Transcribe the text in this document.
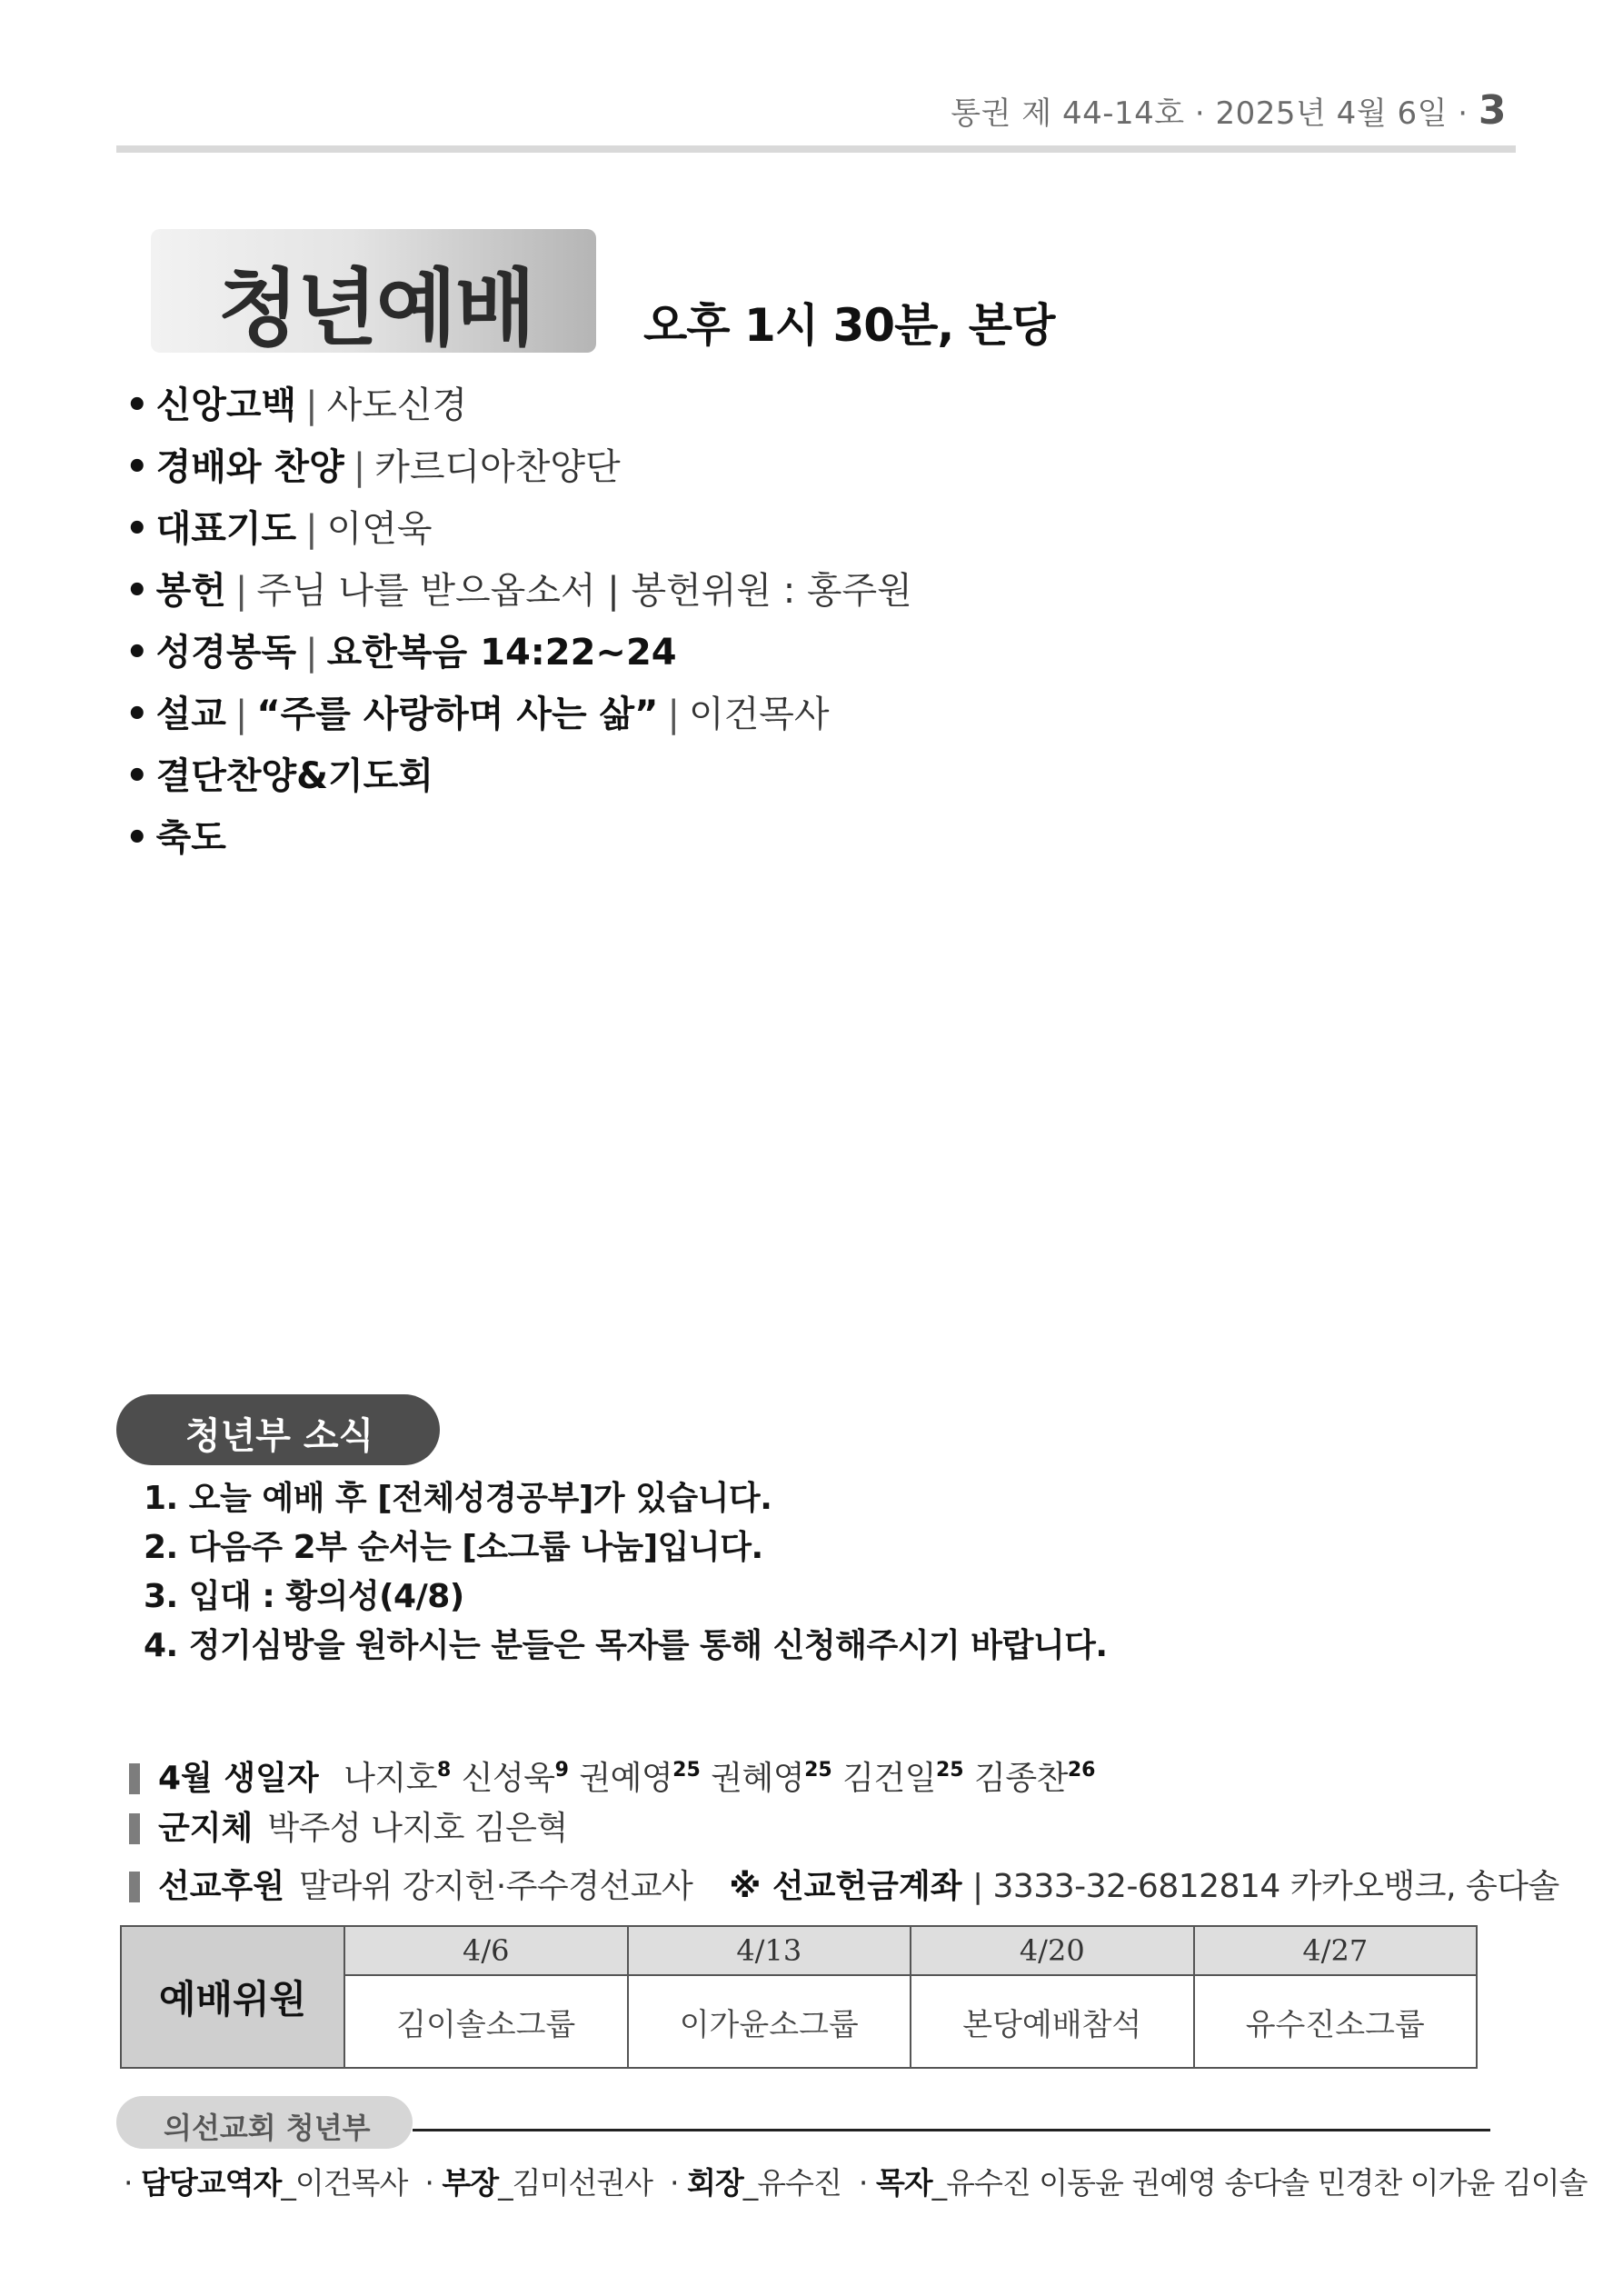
통권 제 44-14호 · 2025년 4월 6일 · 3
청년예배 오후 1시 30분, 본당
• 신앙고백 | 사도신경
• 경배와 찬양 | 카르디아찬양단
• 대표기도 | 이연욱
• 봉헌 | 주님 나를 받으옵소서 | 봉헌위원 : 홍주원
• 성경봉독 | 요한복음 14:22~24
• 설교 | “주를 사랑하며 사는 삶” | 이건목사
• 결단찬양&기도회
• 축도
청년부 소식
1. 오늘 예배 후 [전체성경공부]가 있습니다.
2. 다음주 2부 순서는 [소그룹 나눔]입니다.
3. 입대 : 황의성(4/8)
4. 정기심방을 원하시는 분들은 목자를 통해 신청해주시기 바랍니다.
4월 생일자 나지호$^8$ 신성욱$^9$ 권예영$^{25}$ 권혜영$^{25}$ 김건일$^{25}$ 김종찬$^{26}$
군지체 박주성 나지호 김은혁
선교후원 말라위 강지헌·주수경선교사 ※ 선교헌금계좌 | 3333-32-6812814 카카오뱅크, 송다솔
예배위원	4/6	4/13	4/20	4/27
	김이솔소그룹	이가윤소그룹	본당예배참석	유수진소그룹
의선교회 청년부
· 담당교역자_이건목사  · 부장_김미선권사  · 회장_유수진  · 목자_유수진 이동윤 권예영 송다솔 민경찬 이가윤 김이솔
